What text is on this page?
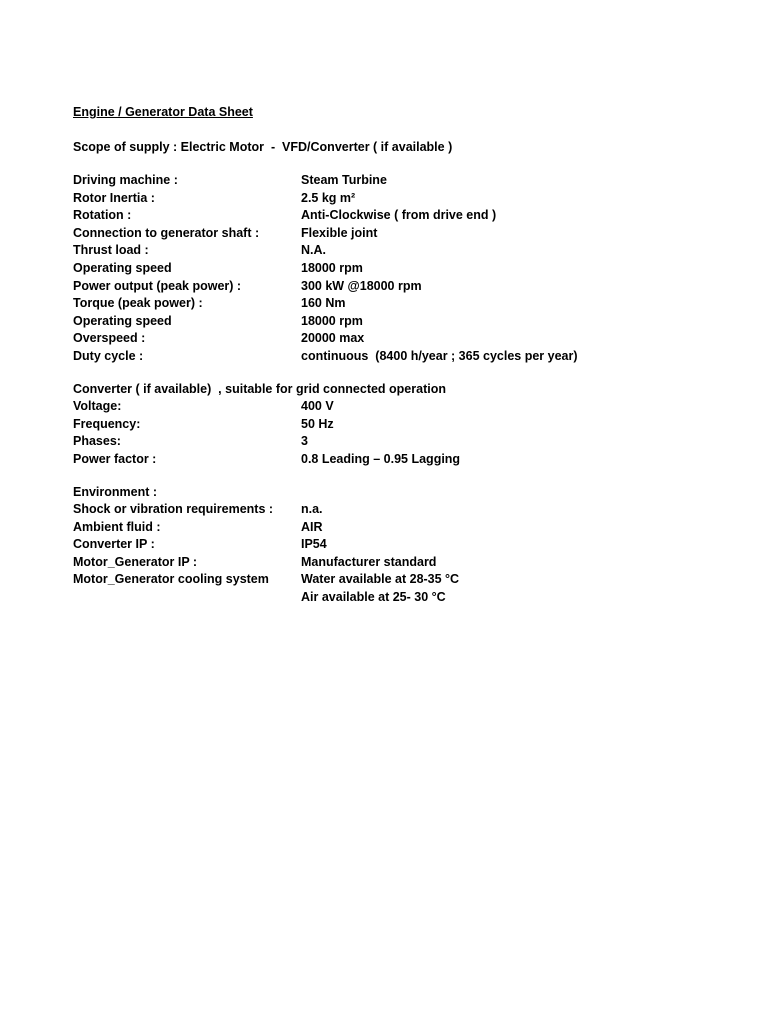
Engine / Generator Data Sheet
Scope of supply : Electric Motor  -  VFD/Converter ( if available )
Driving machine :	Steam Turbine
Rotor Inertia :	2.5 kg m²
Rotation :	Anti-Clockwise ( from drive end )
Connection to generator shaft :	Flexible joint
Thrust load :	N.A.
Operating speed	18000 rpm
Power output (peak power) :	300 kW @18000 rpm
Torque (peak power) :	160 Nm
Operating speed	18000 rpm
Overspeed :	20000 max
Duty cycle :	continuous  (8400 h/year ; 365 cycles per year)
Converter ( if available)  , suitable for grid connected operation
Voltage:	400 V
Frequency:	50 Hz
Phases:	3
Power factor :	0.8 Leading – 0.95 Lagging
Environment :
Shock or vibration requirements :	n.a.
Ambient fluid :	AIR
Converter IP :	IP54
Motor_Generator IP :	Manufacturer standard
Motor_Generator cooling system	Water available at 28-35 °C
Air available at 25- 30 °C
